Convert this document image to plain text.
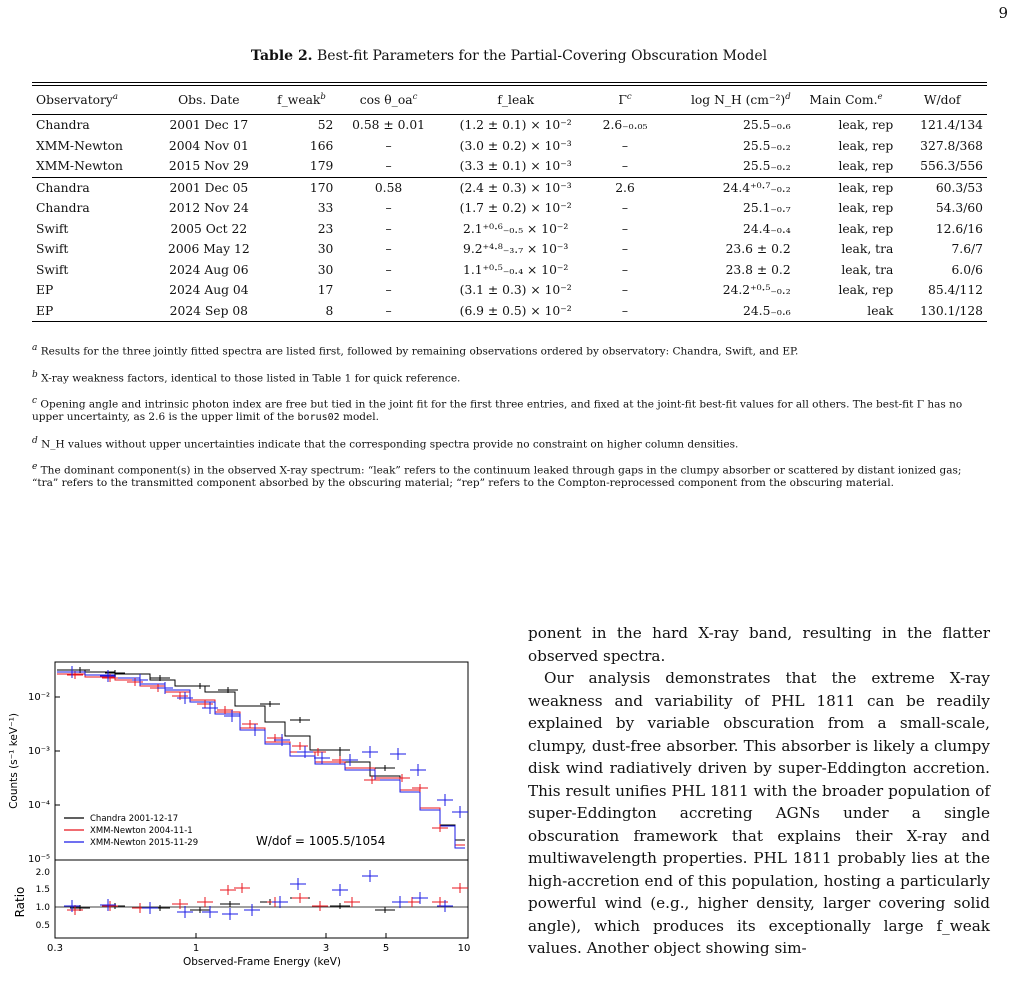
9
Table 2. Best-fit Parameters for the Partial-Covering Obscuration Model
Observatory$^a$	Obs. Date	f_weak$^b$	$\cos \theta\_oa^c$	f_leak	$\Gamma^c$	log N_H $(cm^{-2})^d$	Main Com.$^e$	W/dof
Chandra	2001 Dec 17	52	0.58 ± 0.01	(1.2 ± 0.1) × 10⁻²	2.6₋₀.₀₅	25.5₋₀.₆	leak, rep	121.4/134
XMM-Newton	2004 Nov 01	166	–	(3.0 ± 0.2) × 10⁻³	–	25.5₋₀.₂	leak, rep	327.8/368
XMM-Newton	2015 Nov 29	179	–	(3.3 ± 0.1) × 10⁻³	–	25.5₋₀.₂	leak, rep	556.3/556
Chandra	2001 Dec 05	170	0.58	(2.4 ± 0.3) × 10⁻³	2.6	24.4⁺⁰·⁷₋₀.₂	leak, rep	60.3/53
Chandra	2012 Nov 24	33	–	(1.7 ± 0.2) × 10⁻²	–	25.1₋₀.₇	leak, rep	54.3/60
Swift	2005 Oct 22	23	–	2.1⁺⁰·⁶₋₀.₅ × 10⁻²	–	24.4₋₀.₄	leak, rep	12.6/16
Swift	2006 May 12	30	–	9.2⁺⁴·⁸₋₃.₇ × 10⁻³	–	23.6 ± 0.2	leak, tra	7.6/7
Swift	2024 Aug 06	30	–	1.1⁺⁰·⁵₋₀.₄ × 10⁻²	–	23.8 ± 0.2	leak, tra	6.0/6
EP	2024 Aug 04	17	–	(3.1 ± 0.3) × 10⁻²	–	24.2⁺⁰·⁵₋₀.₂	leak, rep	85.4/112
EP	2024 Sep 08	8	–	(6.9 ± 0.5) × 10⁻²	–	24.5₋₀.₆	leak	130.1/128
$^a$ Results for the three jointly fitted spectra are listed first, followed by remaining observations ordered by observatory: Chandra, Swift, and EP.
$^b$ X-ray weakness factors, identical to those listed in Table 1 for quick reference.
$^c$ Opening angle and intrinsic photon index are free but tied in the joint fit for the first three entries, and fixed at the joint-fit best-fit values for all others. The best-fit Γ has no upper uncertainty, as 2.6 is the upper limit of the borus02 model.
$^d$ N_H values without upper uncertainties indicate that the corresponding spectra provide no constraint on higher column densities.
$^e$ The dominant component(s) in the observed X-ray spectrum: “leak” refers to the continuum leaked through gaps in the clumpy absorber or scattered by distant ionized gas; “tra” refers to the transmitted component absorbed by the obscuring material; “rep” refers to the Compton-reprocessed component from the obscuring material.
10⁻²
10⁻³
10⁻⁴
10⁻⁵
2.0
1.5
1.0
0.5
0.3	1	3	5	10
Observed-Frame Energy (keV)
Counts (s⁻¹ keV⁻¹)
Ratio
Chandra 2001-12-17
XMM-Newton 2004-11-1
XMM-Newton 2015-11-29	W/dof = 1005.5/1054

ponent in the hard X-ray band, resulting in the flatter observed spectra.

Our analysis demonstrates that the extreme X-ray weakness and variability of PHL 1811 can be readily explained by variable obscuration from a small-scale, clumpy, dust-free absorber. This absorber is likely a clumpy disk wind radiatively driven by super-Eddington accretion. This result unifies PHL 1811 with the broader population of super-Eddington accreting AGNs under a single obscuration framework that explains their X-ray and multiwavelength properties. PHL 1811 probably lies at the high-accretion end of this population, hosting a particularly powerful wind (e.g., higher density, larger covering solid angle), which produces its exceptionally large f_weak values. Another object showing sim-
